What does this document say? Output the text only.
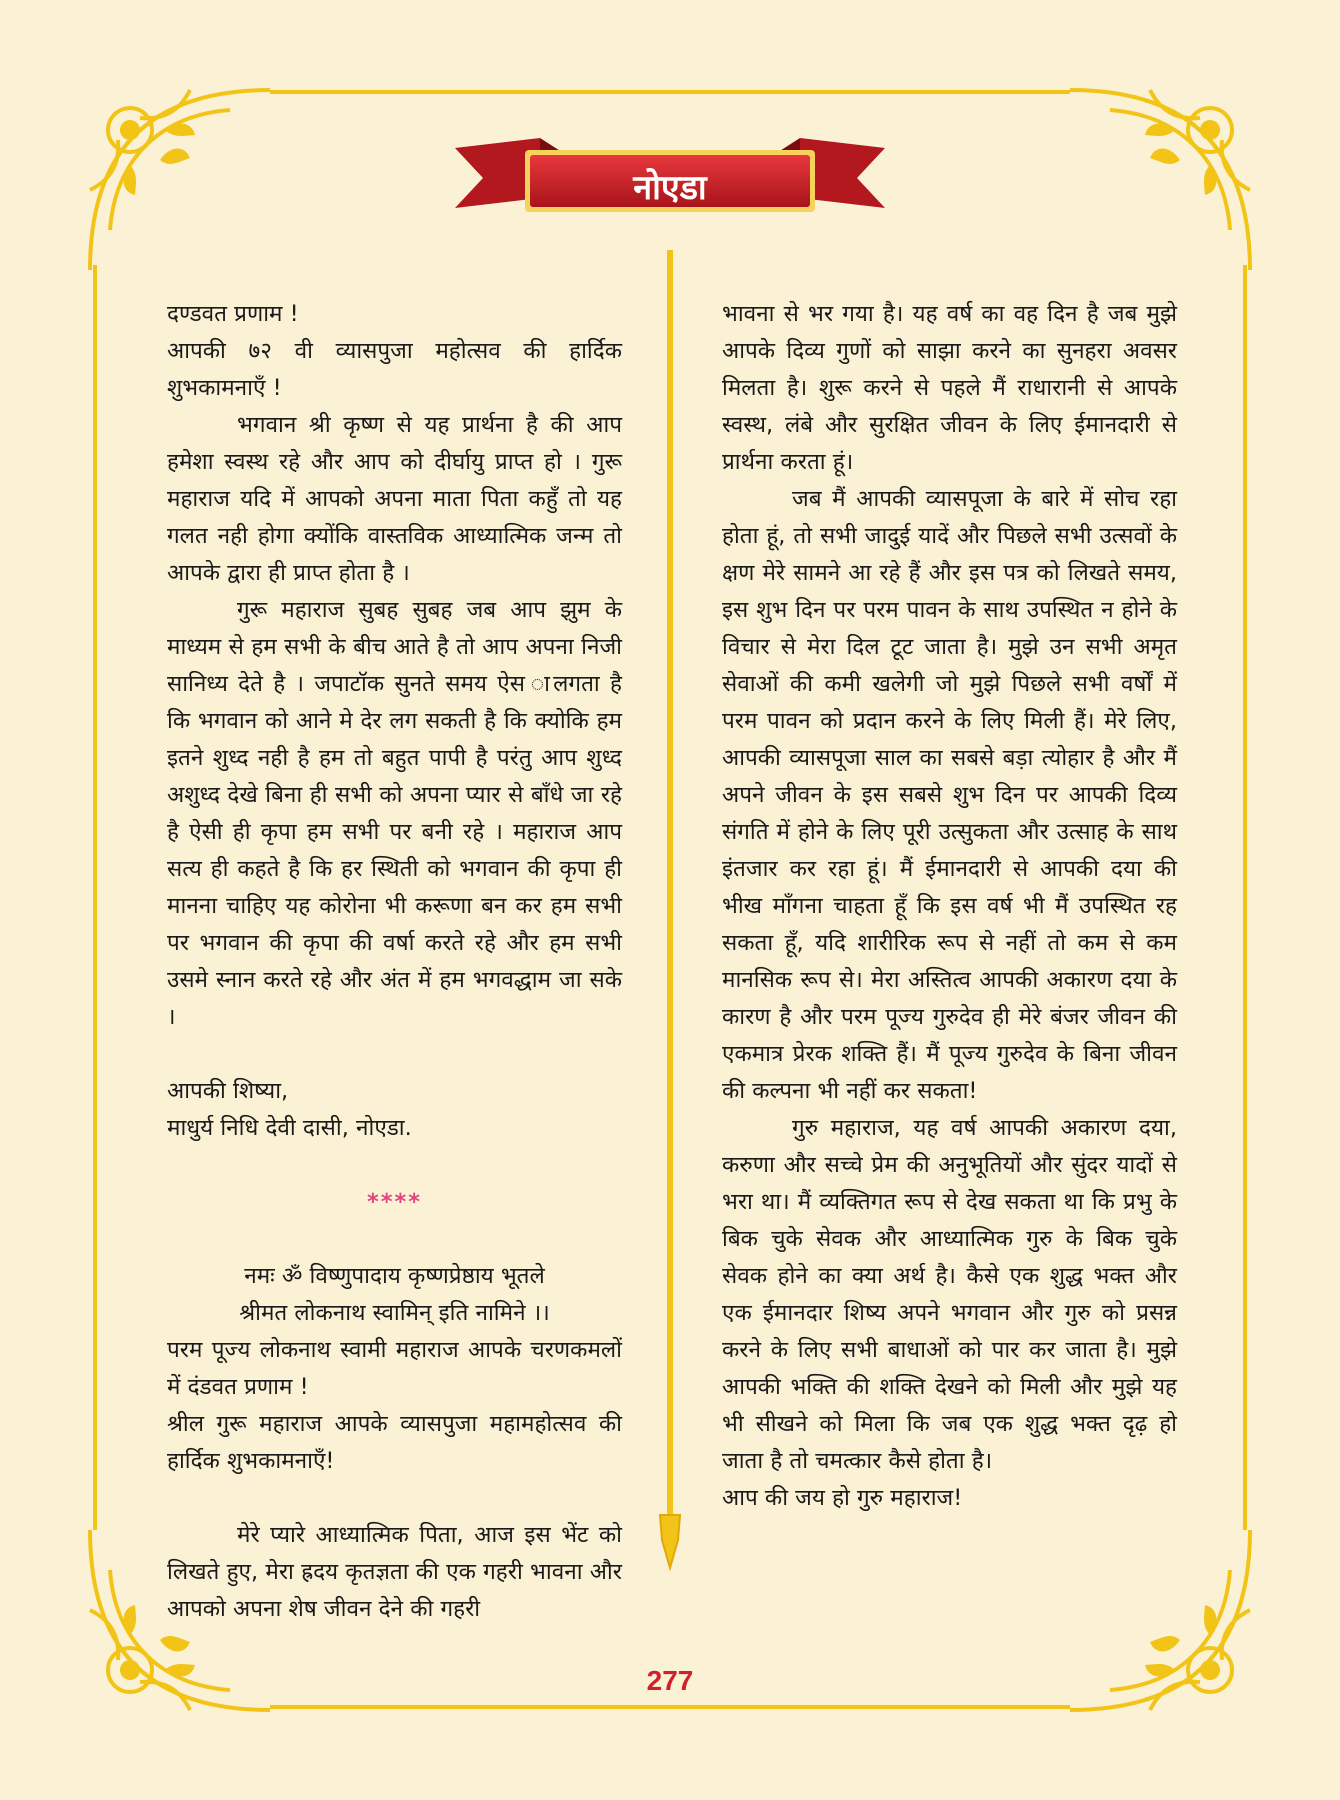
नोएडा

दण्डवत प्रणाम !

आपकी ७२ वी व्यासपुजा महोत्सव की हार्दिक शुभकामनाएँ !

भगवान श्री कृष्ण से यह प्रार्थना है की आप हमेशा स्वस्थ रहे और आप को दीर्घायु प्राप्त हो । गुरू महाराज यदि में आपको अपना माता पिता कहुँ तो यह गलत नही होगा क्योंकि वास्तविक आध्यात्मिक जन्म तो आपके द्वारा ही प्राप्त होता है ।

गुरू महाराज सुबह सुबह जब आप झुम के माध्यम से हम सभी के बीच आते है तो आप अपना निजी सानिध्य देते है । जपाटॉक सुनते समय ऐस ालगता है कि भगवान को आने मे देर लग सकती है कि क्योकि हम इतने शुध्द नही है हम तो बहुत पापी है परंतु आप शुध्द अशुध्द देखे बिना ही सभी को अपना प्यार से बाँधे जा रहे है ऐसी ही कृपा हम सभी पर बनी रहे । महाराज आप सत्य ही कहते है कि हर स्थिती को भगवान की कृपा ही मानना चाहिए यह कोरोना भी करूणा बन कर हम सभी पर भगवान की कृपा की वर्षा करते रहे और हम सभी उसमे स्नान करते रहे और अंत में हम भगवद्धाम जा सके ।

आपकी शिष्या,

माधुर्य निधि देवी दासी, नोएडा.

****

नमः ॐ विष्णुपादाय कृष्णप्रेष्ठाय भूतले

श्रीमत लोकनाथ स्वामिन् इति नामिने ।।

परम पूज्य लोकनाथ स्वामी महाराज आपके चरणकमलों में दंडवत प्रणाम !

श्रील गुरू महाराज आपके व्यासपुजा महामहोत्सव की हार्दिक शुभकामनाएँ!

मेरे प्यारे आध्यात्मिक पिता, आज इस भेंट को लिखते हुए, मेरा ह्रदय कृतज्ञता की एक गहरी भावना और आपको अपना शेष जीवन देने की गहरी

भावना से भर गया है। यह वर्ष का वह दिन है जब मुझे आपके दिव्य गुणों को साझा करने का सुनहरा अवसर मिलता है। शुरू करने से पहले मैं राधारानी से आपके स्वस्थ, लंबे और सुरक्षित जीवन के लिए ईमानदारी से प्रार्थना करता हूं।

जब मैं आपकी व्यासपूजा के बारे में सोच रहा होता हूं, तो सभी जादुई यादें और पिछले सभी उत्सवों के क्षण मेरे सामने आ रहे हैं और इस पत्र को लिखते समय, इस शुभ दिन पर परम पावन के साथ उपस्थित न होने के विचार से मेरा दिल टूट जाता है। मुझे उन सभी अमृत सेवाओं की कमी खलेगी जो मुझे पिछले सभी वर्षों में परम पावन को प्रदान करने के लिए मिली हैं। मेरे लिए, आपकी व्यासपूजा साल का सबसे बड़ा त्योहार है और मैं अपने जीवन के इस सबसे शुभ दिन पर आपकी दिव्य संगति में होने के लिए पूरी उत्सुकता और उत्साह के साथ इंतजार कर रहा हूं। मैं ईमानदारी से आपकी दया की भीख माँगना चाहता हूँ कि इस वर्ष भी मैं उपस्थित रह सकता हूँ, यदि शारीरिक रूप से नहीं तो कम से कम मानसिक रूप से। मेरा अस्तित्व आपकी अकारण दया के कारण है और परम पूज्य गुरुदेव ही मेरे बंजर जीवन की एकमात्र प्रेरक शक्ति हैं। मैं पूज्य गुरुदेव के बिना जीवन की कल्पना भी नहीं कर सकता!

गुरु महाराज, यह वर्ष आपकी अकारण दया, करुणा और सच्चे प्रेम की अनुभूतियों और सुंदर यादों से भरा था। मैं व्यक्तिगत रूप से देख सकता था कि प्रभु के बिक चुके सेवक और आध्यात्मिक गुरु के बिक चुके सेवक होने का क्या अर्थ है। कैसे एक शुद्ध भक्त और एक ईमानदार शिष्य अपने भगवान और गुरु को प्रसन्न करने के लिए सभी बाधाओं को पार कर जाता है। मुझे आपकी भक्ति की शक्ति देखने को मिली और मुझे यह भी सीखने को मिला कि जब एक शुद्ध भक्त दृढ़ हो जाता है तो चमत्कार कैसे होता है।

आप की जय हो गुरु महाराज!

277
